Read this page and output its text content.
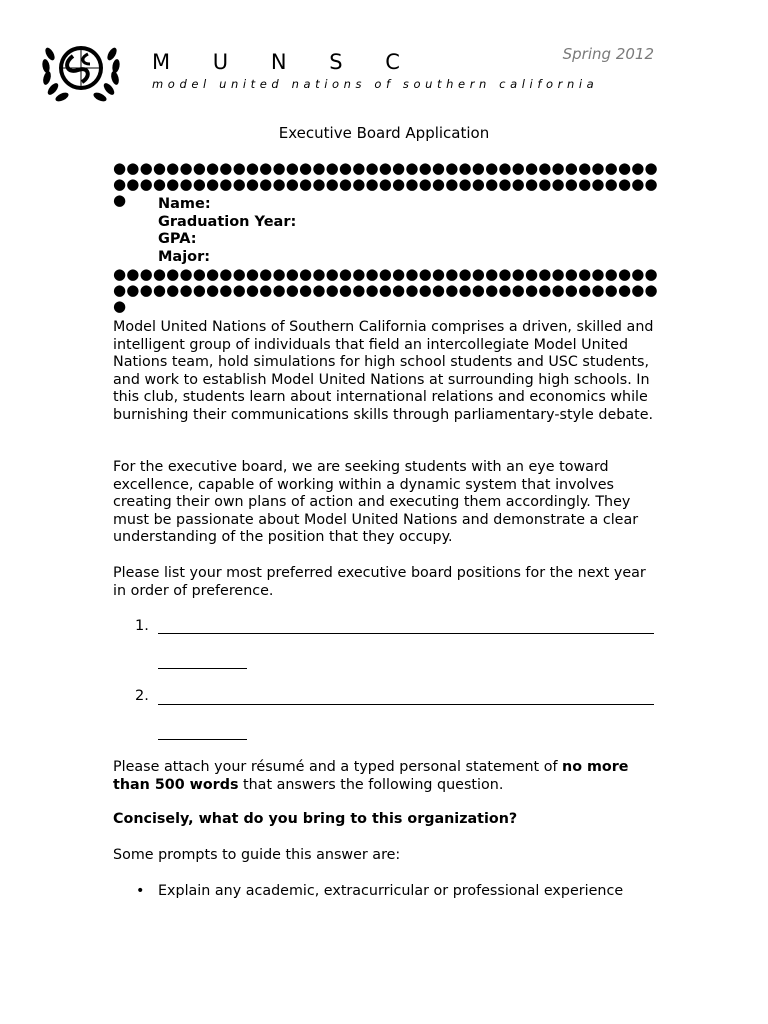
M U N S C
model united nations of southern california
Spring 2012
Executive Board Application
●●●●●●●●●●●●●●●●●●●●●●●●●●●●●●●●●●●●●●●●●●●●●●●●●●●●●●●●●●●●●●●●●●●●●●●●●●●●●●●●●●●	Name:
Graduation Year:
GPA:
Major:
●●●●●●●●●●●●●●●●●●●●●●●●●●●●●●●●●●●●●●●●●●●●●●●●●●●●●●●●●●●●●●●●●●●●●●●●●●●●●●●●●●●
Model United Nations of Southern California comprises a driven, skilled and intelligent group of individuals that field an intercollegiate Model United Nations team, hold simulations for high school students and USC students, and work to establish Model United Nations at surrounding high schools. In this club, students learn about international relations and economics while burnishing their communications skills through parliamentary-style debate.
For the executive board, we are seeking students with an eye toward excellence, capable of working within a dynamic system that involves creating their own plans of action and executing them accordingly. They must be passionate about Model United Nations and demonstrate a clear understanding of the position that they occupy.
Please list your most preferred executive board positions for the next year in order of preference.
1.
2.
Please attach your résumé and a typed personal statement of no more than 500 words that answers the following question.
Concisely, what do you bring to this organization?
Some prompts to guide this answer are:
• Explain any academic, extracurricular or professional experience
